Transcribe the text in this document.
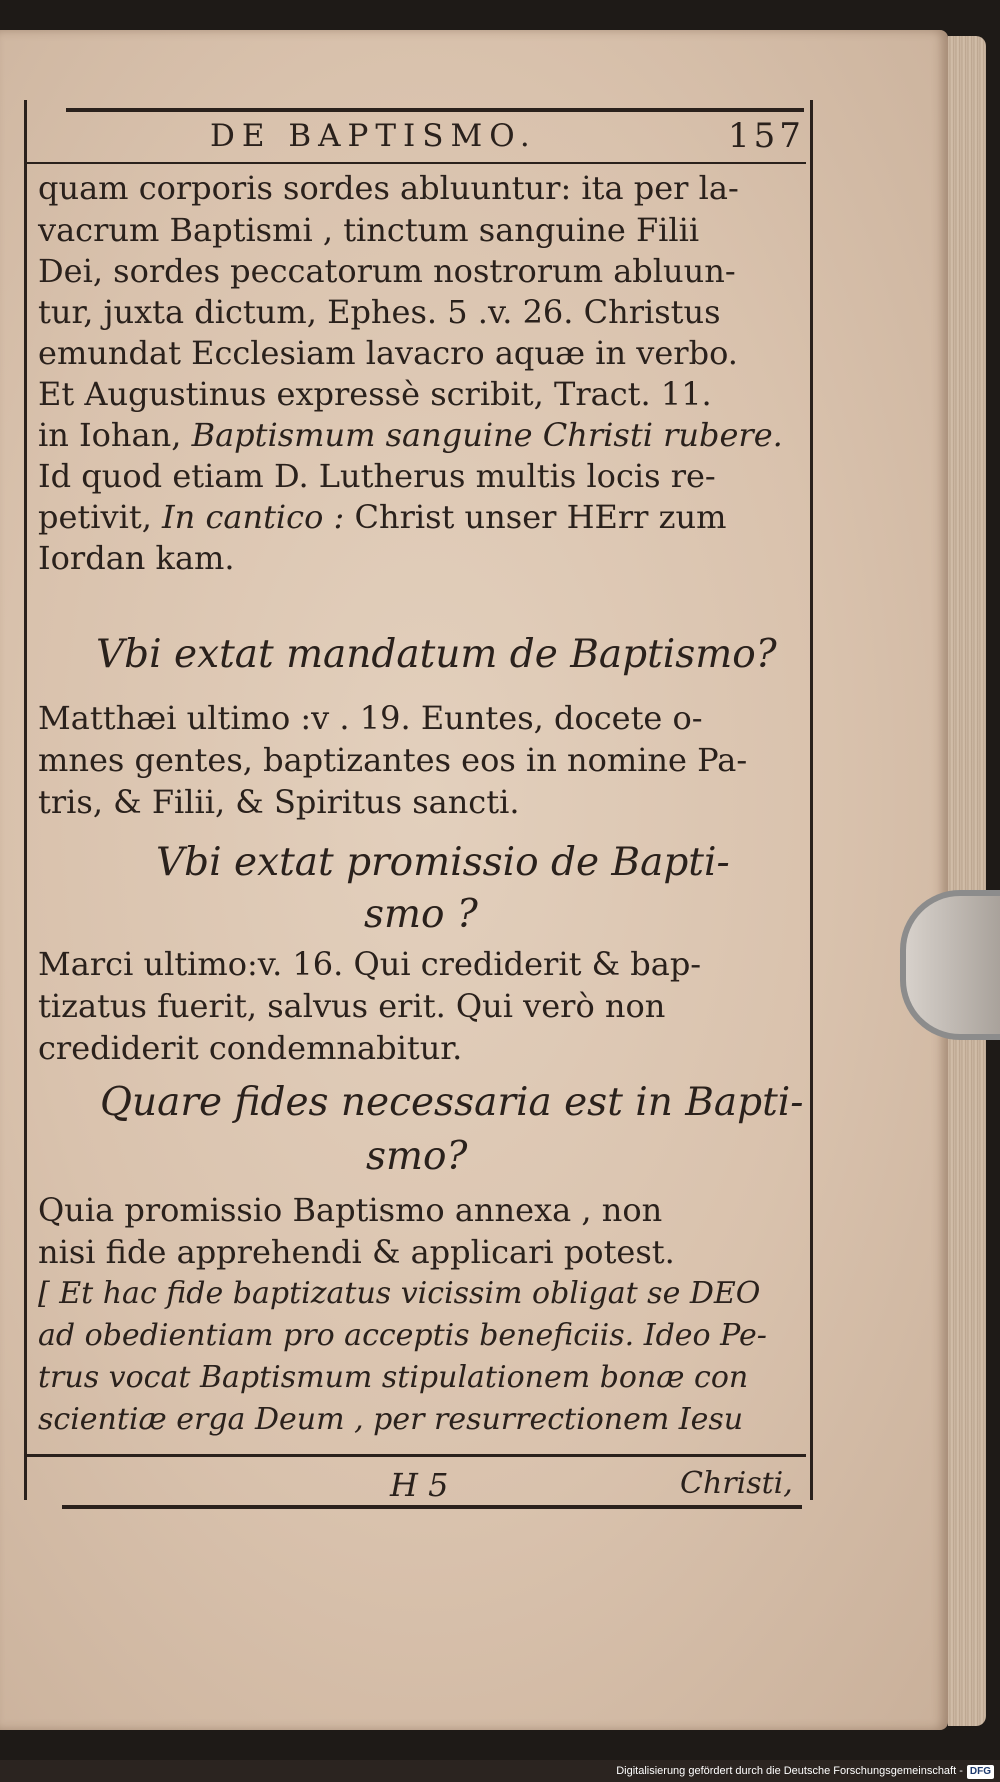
DE BAPTISMO.	157
quam corporis sordes abluuntur: ita per la-
vacrum Baptismi , tinctum sanguine Filii
Dei, sordes peccatorum nostrorum abluun-
tur, juxta dictum, Ephes. 5 .v. 26. Christus
emundat Ecclesiam lavacro aquæ in verbo.
Et Augustinus expressè scribit, Tract. 11.
in Iohan, Baptismum sanguine Christi rubere.
Id quod etiam D. Lutherus multis locis re-
petivit, In cantico : Christ unser HErr zum
Iordan kam.
Vbi extat mandatum de Baptismo?
Matthæi ultimo :v . 19. Euntes, docete o-
mnes gentes, baptizantes eos in nomine Pa-
tris, & Filii, & Spiritus sancti.
Vbi extat promissio de Bapti-
smo ?
Marci ultimo:v. 16. Qui crediderit & bap-
tizatus fuerit, salvus erit. Qui verò non
crediderit condemnabitur.
Quare fides necessaria est in Bapti-
smo?
Quia promissio Baptismo annexa , non
nisi fide apprehendi & applicari potest.
[ Et hac fide baptizatus vicissim obligat se DEO
ad obedientiam pro acceptis beneficiis. Ideo Pe-
trus vocat Baptismum stipulationem bonæ con
scientiæ erga Deum , per resurrectionem Iesu
H 5	Christi,
Digitalisierung gefördert durch die Deutsche Forschungsgemeinschaft - DFG
